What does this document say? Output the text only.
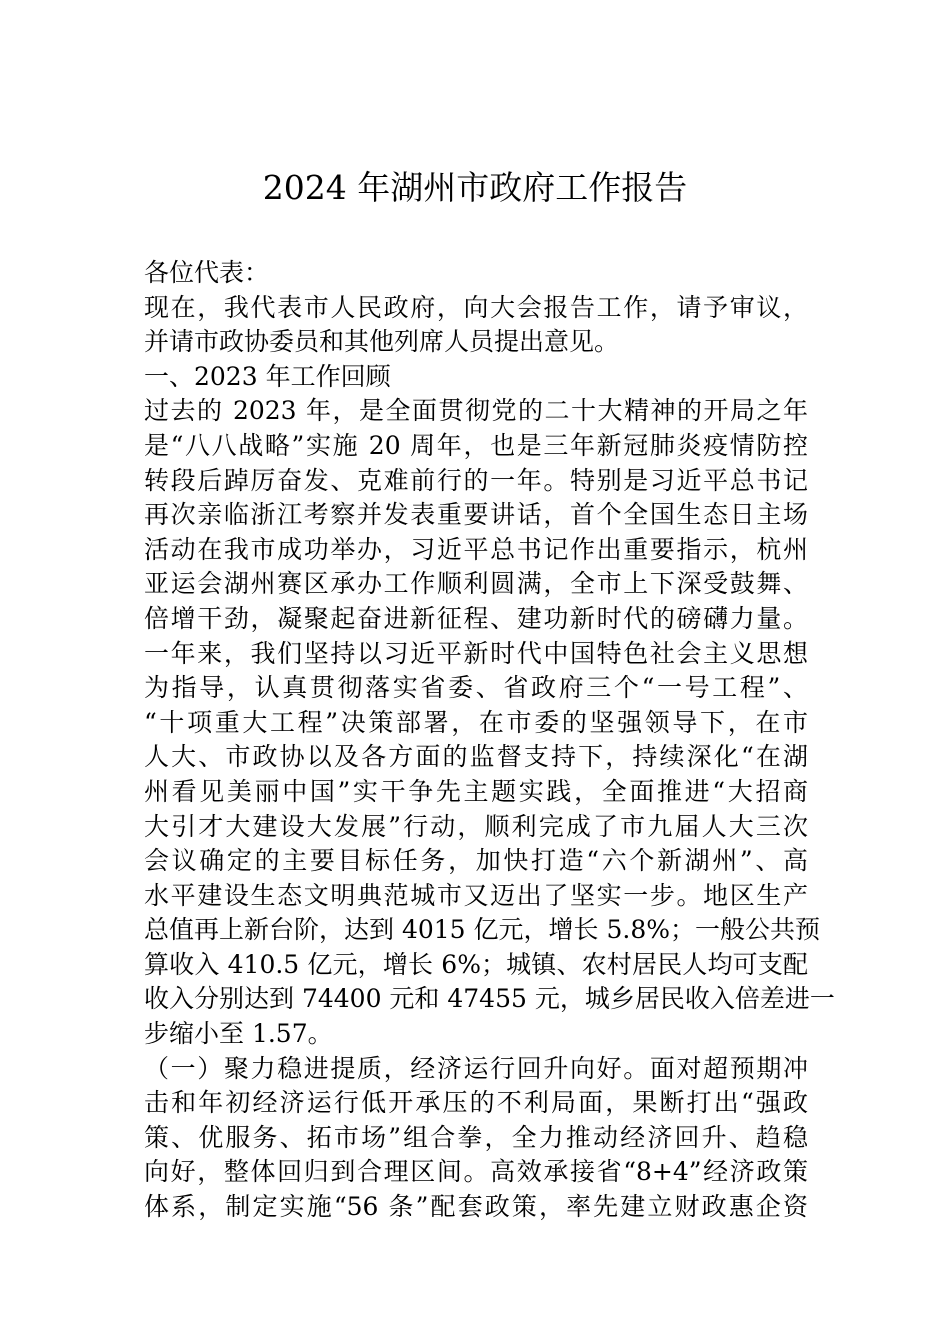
2024 年湖州市政府工作报告
各位代表：
现在，我代表市人民政府，向大会报告工作，请予审议，
并请市政协委员和其他列席人员提出意见。
一、2023 年工作回顾
过去的 2023 年，是全面贯彻党的二十大精神的开局之年
是“八八战略”实施 20 周年，也是三年新冠肺炎疫情防控
转段后踔厉奋发、克难前行的一年。特别是习近平总书记
再次亲临浙江考察并发表重要讲话，首个全国生态日主场
活动在我市成功举办，习近平总书记作出重要指示，杭州
亚运会湖州赛区承办工作顺利圆满，全市上下深受鼓舞、
倍增干劲，凝聚起奋进新征程、建功新时代的磅礴力量。
一年来，我们坚持以习近平新时代中国特色社会主义思想
为指导，认真贯彻落实省委、省政府三个“一号工程”、
“十项重大工程”决策部署，在市委的坚强领导下，在市
人大、市政协以及各方面的监督支持下，持续深化“在湖
州看见美丽中国”实干争先主题实践，全面推进“大招商
大引才大建设大发展”行动，顺利完成了市九届人大三次
会议确定的主要目标任务，加快打造“六个新湖州”、高
水平建设生态文明典范城市又迈出了坚实一步。地区生产
总值再上新台阶，达到 4015 亿元，增长 5.8%；一般公共预
算收入 410.5 亿元，增长 6%；城镇、农村居民人均可支配
收入分别达到 74400 元和 47455 元，城乡居民收入倍差进一
步缩小至 1.57。
（一）聚力稳进提质，经济运行回升向好。面对超预期冲
击和年初经济运行低开承压的不利局面，果断打出“强政
策、优服务、拓市场”组合拳，全力推动经济回升、趋稳
向好，整体回归到合理区间。高效承接省“8+4”经济政策
体系，制定实施“56 条”配套政策，率先建立财政惠企资
